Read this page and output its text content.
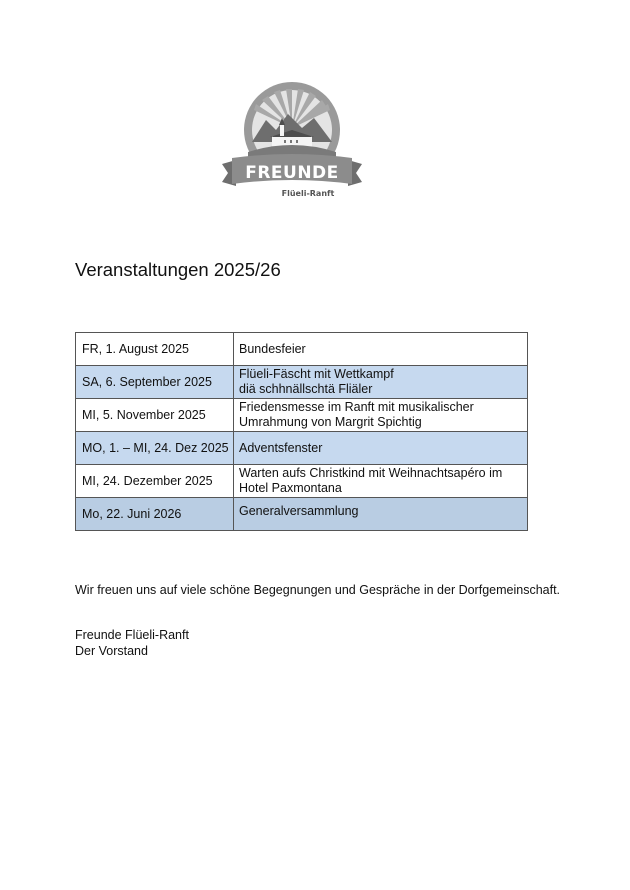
FREUNDE
Flüeli-Ranft
Veranstaltungen 2025/26
FR, 1. August 2025	Bundesfeier

SA, 6. September 2025	Flüeli-Fäscht mit Wettkampf
diä schhnällschtä Fliäler

MI, 5. November 2025	Friedensmesse im Ranft mit musikalischer
Umrahmung von Margrit Spichtig

MO, 1. – MI, 24. Dez 2025	Adventsfenster

MI, 24. Dezember 2025	Warten aufs Christkind mit Weihnachtsapéro im
Hotel Paxmontana

Mo, 22. Juni 2026	Generalversammlung

Wir freuen uns auf viele schöne Begegnungen und Gespräche in der Dorfgemeinschaft.

Freunde Flüeli-Ranft
Der Vorstand
